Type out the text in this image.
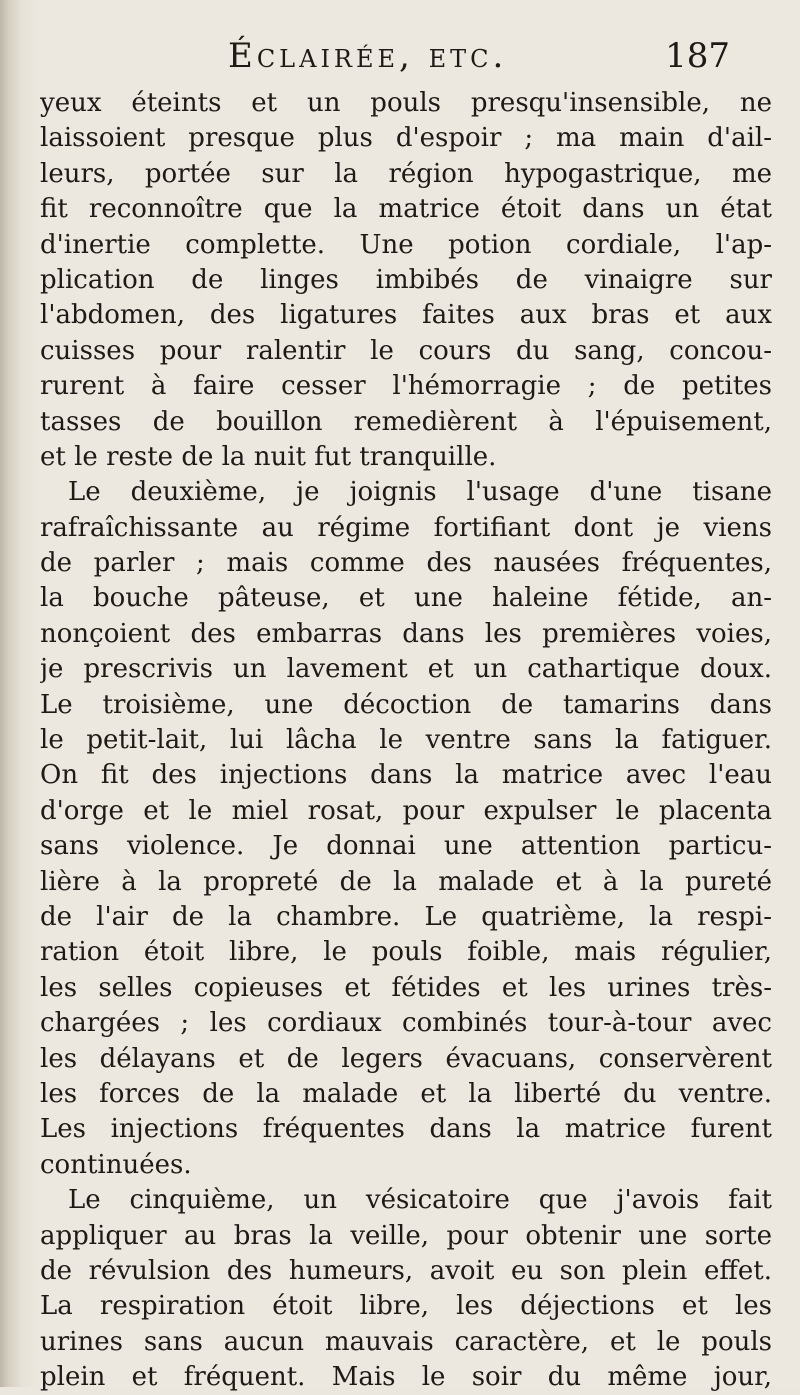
Éclairée, etc.	187
yeux éteints et un pouls presqu'insensible, ne
laissoient presque plus d'espoir ; ma main d'ail-
leurs, portée sur la région hypogastrique, me
fit reconnoître que la matrice étoit dans un état
d'inertie complette. Une potion cordiale, l'ap-
plication de linges imbibés de vinaigre sur
l'abdomen, des ligatures faites aux bras et aux
cuisses pour ralentir le cours du sang, concou-
rurent à faire cesser l'hémorragie ; de petites
tasses de bouillon remedièrent à l'épuisement,
et le reste de la nuit fut tranquille.
Le deuxième, je joignis l'usage d'une tisane
rafraîchissante au régime fortifiant dont je viens
de parler ; mais comme des nausées fréquentes,
la bouche pâteuse, et une haleine fétide, an-
nonçoient des embarras dans les premières voies,
je prescrivis un lavement et un cathartique doux.
Le troisième, une décoction de tamarins dans
le petit-lait, lui lâcha le ventre sans la fatiguer.
On fit des injections dans la matrice avec l'eau
d'orge et le miel rosat, pour expulser le placenta
sans violence. Je donnai une attention particu-
lière à la propreté de la malade et à la pureté
de l'air de la chambre. Le quatrième, la respi-
ration étoit libre, le pouls foible, mais régulier,
les selles copieuses et fétides et les urines très-
chargées ; les cordiaux combinés tour-à-tour avec
les délayans et de legers évacuans, conservèrent
les forces de la malade et la liberté du ventre.
Les injections fréquentes dans la matrice furent
continuées.
Le cinquième, un vésicatoire que j'avois fait
appliquer au bras la veille, pour obtenir une sorte
de révulsion des humeurs, avoit eu son plein effet.
La respiration étoit libre, les déjections et les
urines sans aucun mauvais caractère, et le pouls
plein et fréquent. Mais le soir du même jour,
